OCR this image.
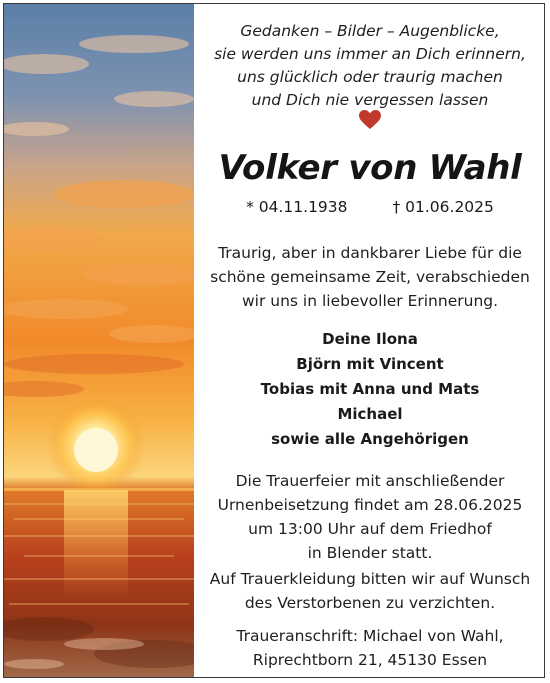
Gedanken – Bilder – Augenblicke,
sie werden uns immer an Dich erinnern,
uns glücklich oder traurig machen
und Dich nie vergessen lassen
Volker von Wahl
* 04.11.1938	† 01.06.2025
Traurig, aber in dankbarer Liebe für die
schöne gemeinsame Zeit, verabschieden
wir uns in liebevoller Erinnerung.
Deine Ilona
Björn mit Vincent
Tobias mit Anna und Mats
Michael
sowie alle Angehörigen
Die Trauerfeier mit anschließender
Urnenbeisetzung findet am 28.06.2025
um 13:00 Uhr auf dem Friedhof
in Blender statt.
Auf Trauerkleidung bitten wir auf Wunsch
des Verstorbenen zu verzichten.
Traueranschrift: Michael von Wahl,
Riprechtborn 21, 45130 Essen
